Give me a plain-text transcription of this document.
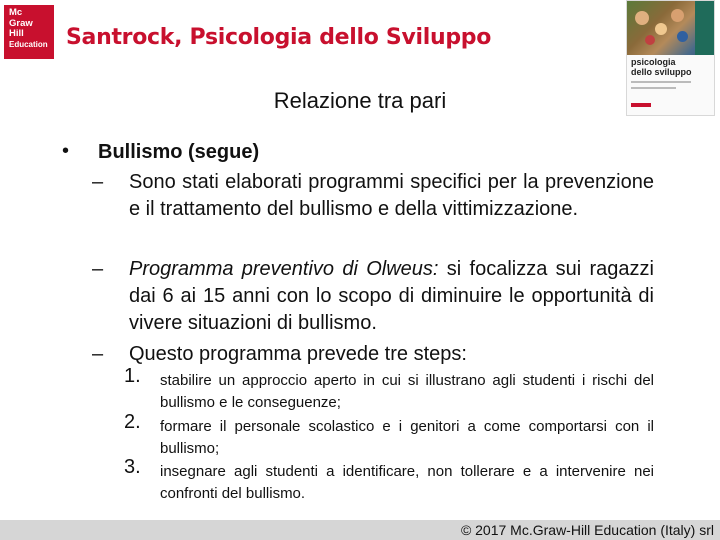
Mc
Graw
Hill
Education Santrock, Psicologia dello Sviluppo
psicologia
dello sviluppo
Relazione tra pari
• Bullismo (segue)
– Sono stati elaborati programmi specifici per la prevenzione e il trattamento del bullismo e della vittimizzazione.
– Programma preventivo di Olweus: si focalizza sui ragazzi dai 6 ai 15 anni con lo scopo di diminuire le opportunità di vivere situazioni di bullismo.
– Questo programma prevede tre steps:
1. stabilire un approccio aperto in cui si illustrano agli studenti i rischi del bullismo e le conseguenze;
2. formare il personale scolastico e i genitori a come comportarsi con il bullismo;
3. insegnare agli studenti a identificare, non tollerare e a intervenire nei confronti del bullismo.
© 2017 Mc.Graw-Hill Education (Italy) srl
